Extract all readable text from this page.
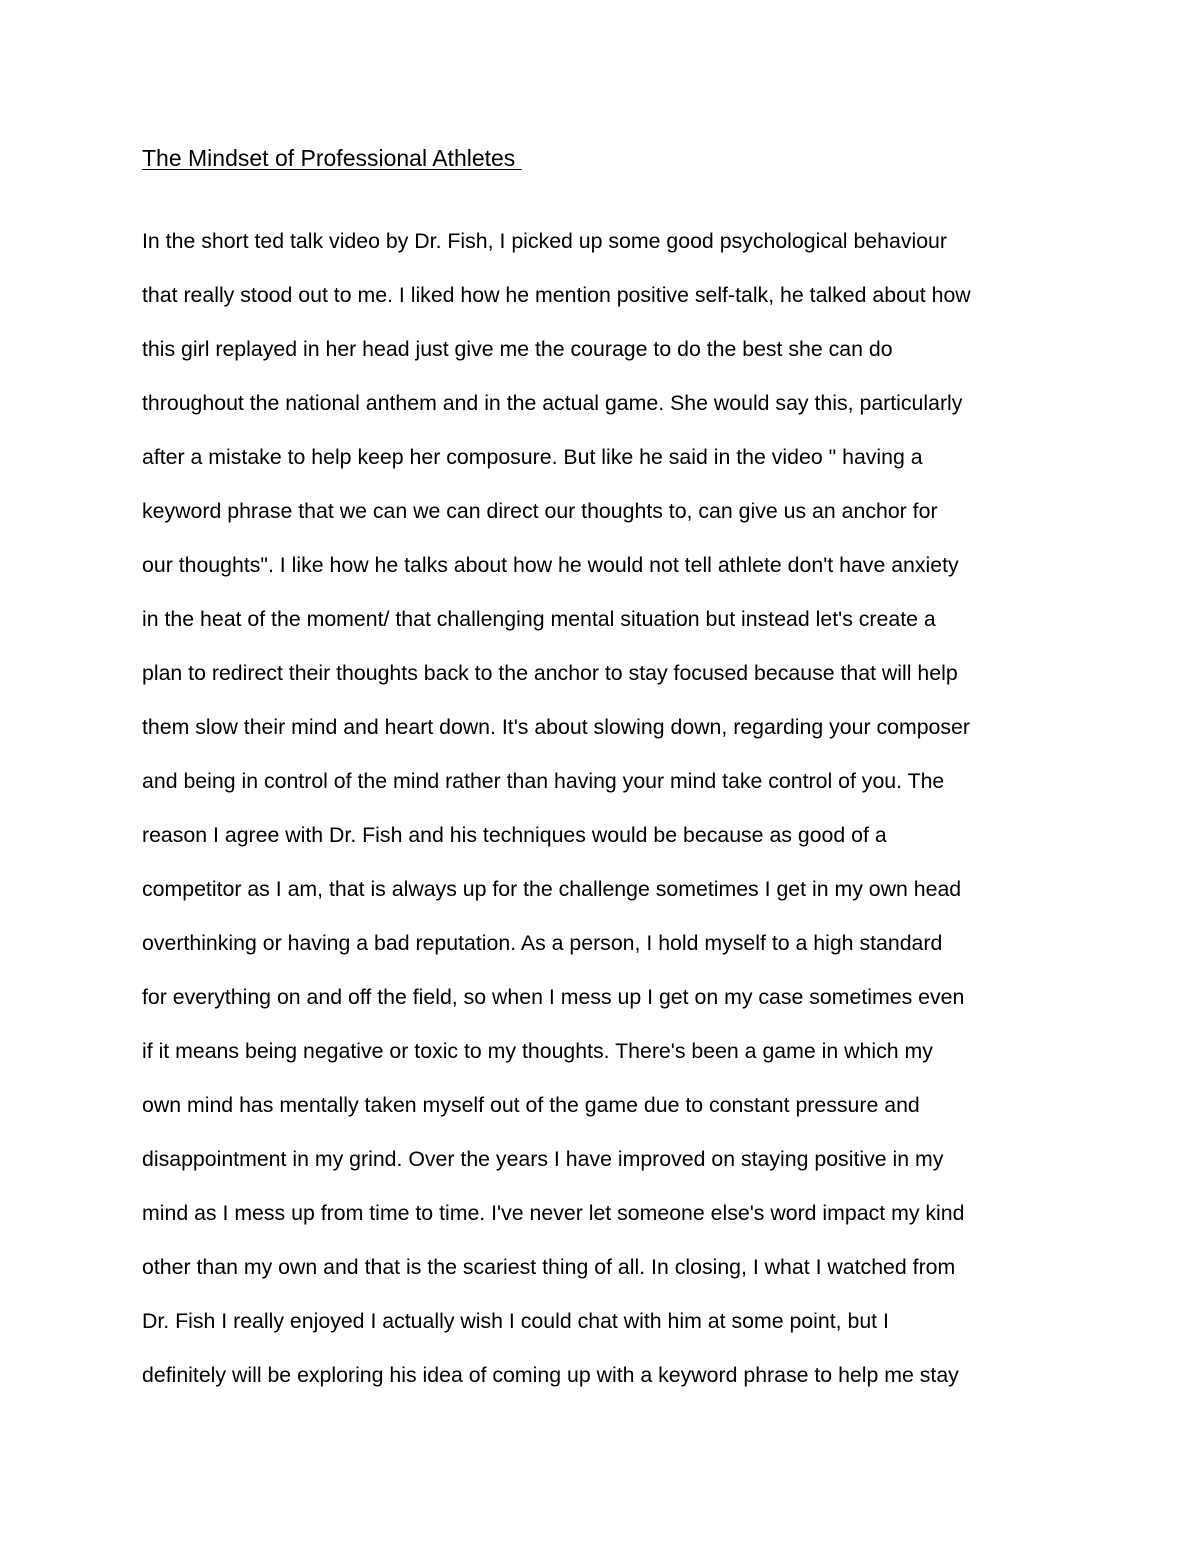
The Mindset of Professional Athletes
In the short ted talk video by Dr. Fish, I picked up some good psychological behaviour
that really stood out to me. I liked how he mention positive self-talk, he talked about how
this girl replayed in her head just give me the courage to do the best she can do
throughout the national anthem and in the actual game. She would say this, particularly
after a mistake to help keep her composure. But like he said in the video " having a
keyword phrase that we can we can direct our thoughts to, can give us an anchor for
our thoughts". I like how he talks about how he would not tell athlete don't have anxiety
in the heat of the moment/ that challenging mental situation but instead let's create a
plan to redirect their thoughts back to the anchor to stay focused because that will help
them slow their mind and heart down. It's about slowing down, regarding your composer
and being in control of the mind rather than having your mind take control of you. The
reason I agree with Dr. Fish and his techniques would be because as good of a
competitor as I am, that is always up for the challenge sometimes I get in my own head
overthinking or having a bad reputation. As a person, I hold myself to a high standard
for everything on and off the field, so when I mess up I get on my case sometimes even
if it means being negative or toxic to my thoughts. There's been a game in which my
own mind has mentally taken myself out of the game due to constant pressure and
disappointment in my grind. Over the years I have improved on staying positive in my
mind as I mess up from time to time. I've never let someone else's word impact my kind
other than my own and that is the scariest thing of all. In closing, I what I watched from
Dr. Fish I really enjoyed I actually wish I could chat with him at some point, but I
definitely will be exploring his idea of coming up with a keyword phrase to help me stay
